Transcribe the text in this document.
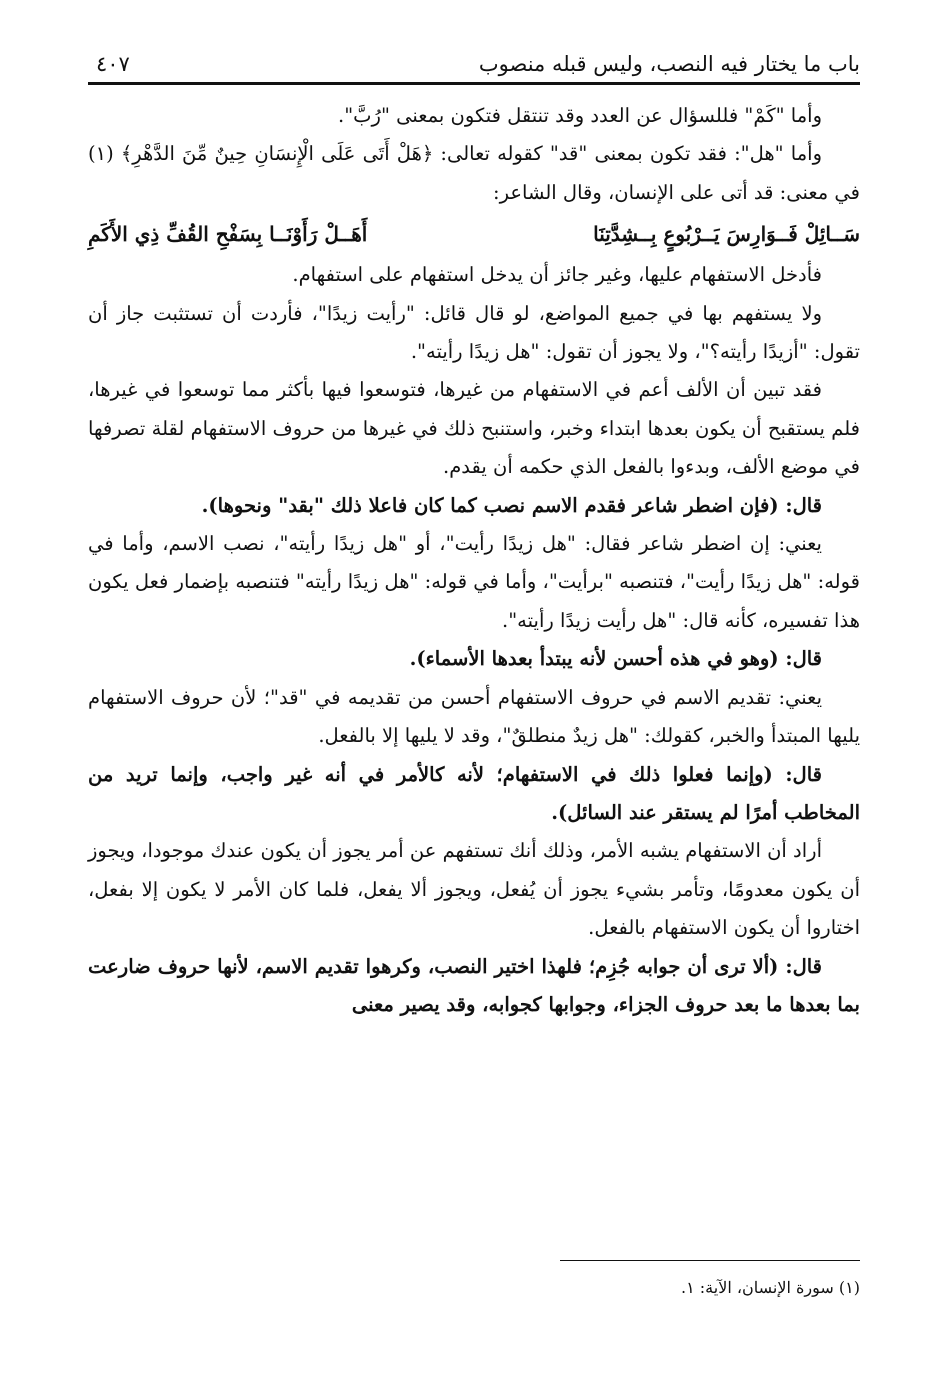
باب ما يختار فيه النصب، وليس قبله منصوب
٤٠٧

وأما "كَمْ" فللسؤال عن العدد وقد تنتقل فتكون بمعنى "رُبَّ".

وأما "هل": فقد تكون بمعنى "قد" كقوله تعالى: ﴿هَلْ أَتَى عَلَى الْإِنسَانِ حِينٌ مِّنَ الدَّهْرِ﴾ (١) في معنى: قد أتى على الإنسان، وقال الشاعر:

سَــائِلْ فَــوَارِسَ يَــرْبُوعٍ بِــشِدَّتِنَا
أَهَــلْ رَأَوْنَــا بِسَفْحِ القُفِّ ذِي الأَكَمِ

فأدخل الاستفهام عليها، وغير جائز أن يدخل استفهام على استفهام.

ولا يستفهم بها في جميع المواضع، لو قال قائل: "رأيت زيدًا"، فأردت أن تستثبت جاز أن تقول: "أزيدًا رأيته؟"، ولا يجوز أن تقول: "هل زيدًا رأيته".

فقد تبين أن الألف أعم في الاستفهام من غيرها، فتوسعوا فيها بأكثر مما توسعوا في غيرها، فلم يستقبح أن يكون بعدها ابتداء وخبر، واستنبح ذلك في غيرها من حروف الاستفهام لقلة تصرفها في موضع الألف، وبدءوا بالفعل الذي حكمه أن يقدم.

قال: (فإن اضطر شاعر فقدم الاسم نصب كما كان فاعلا ذلك "بقد" ونحوها).

يعني: إن اضطر شاعر فقال: "هل زيدًا رأيت"، أو "هل زيدًا رأيته"، نصب الاسم، وأما في قوله: "هل زيدًا رأيت"، فتنصبه "برأيت"، وأما في قوله: "هل زيدًا رأيته" فتنصبه بإضمار فعل يكون هذا تفسيره، كأنه قال: "هل رأيت زيدًا رأيته".

قال: (وهو في هذه أحسن لأنه يبتدأ بعدها الأسماء).

يعني: تقديم الاسم في حروف الاستفهام أحسن من تقديمه في "قد"؛ لأن حروف الاستفهام يليها المبتدأ والخبر، كقولك: "هل زيدٌ منطلقٌ"، وقد لا يليها إلا بالفعل.

قال: (وإنما فعلوا ذلك في الاستفهام؛ لأنه كالأمر في أنه غير واجب، وإنما تريد من المخاطب أمرًا لم يستقر عند السائل).

أراد أن الاستفهام يشبه الأمر، وذلك أنك تستفهم عن أمر يجوز أن يكون عندك موجودا، ويجوز أن يكون معدومًا، وتأمر بشيء يجوز أن يُفعل، ويجوز ألا يفعل، فلما كان الأمر لا يكون إلا بفعل، اختاروا أن يكون الاستفهام بالفعل.

قال: (ألا ترى أن جوابه جُزِم؛ فلهذا اختير النصب، وكرهوا تقديم الاسم، لأنها حروف ضارعت بما بعدها ما بعد حروف الجزاء، وجوابها كجوابه، وقد يصير معنى

(١) سورة الإنسان، الآية: ١.
